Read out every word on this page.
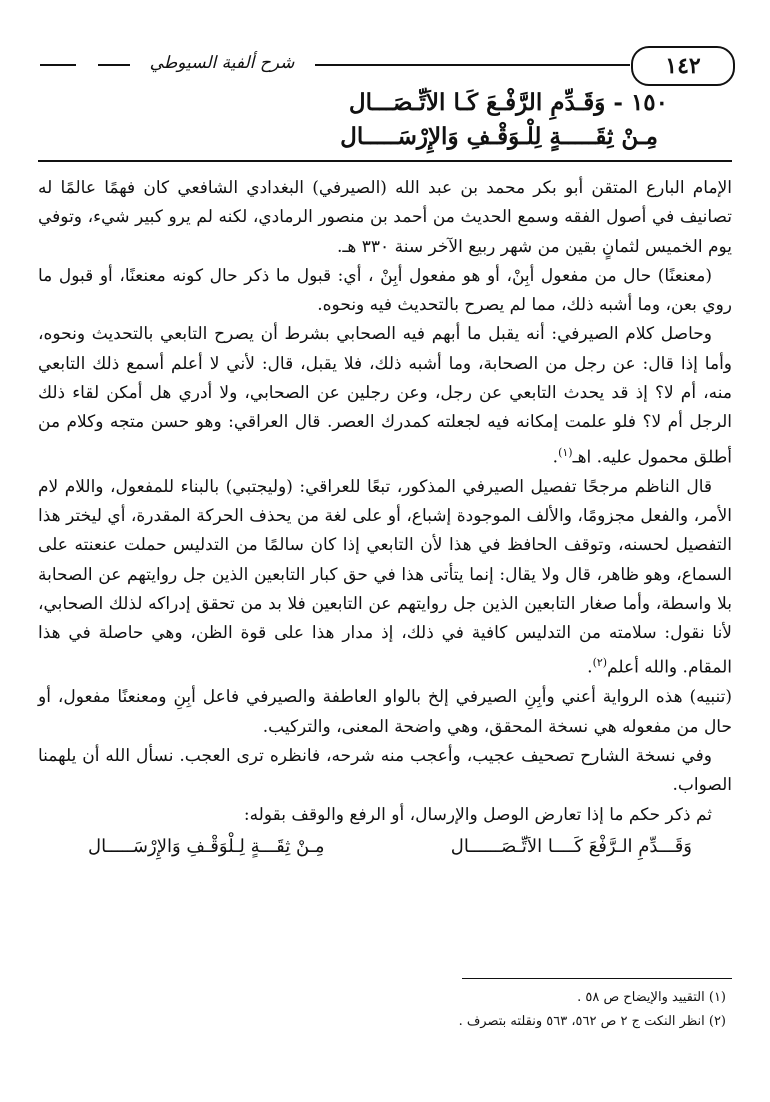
١٤٢
شرح ألفية السيوطي
١٥٠ - وَقَـدِّمِ الرَّفْـعَ كَـا الاَتِّـصَـــال
مِـنْ ثِقَـــــةٍ لِلْـوَقْـفِ وَالإِرْسَـــــال

الإمام البارع المتقن أبو بكر محمد بن عبد الله (الصيرفي) البغدادي الشافعي كان فهمًا عالمًا له تصانيف في أصول الفقه وسمع الحديث من أحمد بن منصور الرمادي، لكنه لم يرو كبير شيء، وتوفي يوم الخميس لثمانٍ بقين من شهر ربيع الآخر سنة ٣٣٠ هـ.

(معنعنًا) حال من مفعول أبِنْ، أو هو مفعول أبِنْ ، أي: قبول ما ذكر حال كونه معنعنًا، أو قبول ما روي بعن، وما أشبه ذلك، مما لم يصرح بالتحديث فيه ونحوه.

وحاصل كلام الصيرفي: أنه يقبل ما أبهم فيه الصحابي بشرط أن يصرح التابعي بالتحديث ونحوه، وأما إذا قال: عن رجل من الصحابة، وما أشبه ذلك، فلا يقبل، قال: لأني لا أعلم أسمع ذلك التابعي منه، أم لا؟ إذ قد يحدث التابعي عن رجل، وعن رجلين عن الصحابي، ولا أدري هل أمكن لقاء ذلك الرجل أم لا؟ فلو علمت إمكانه فيه لجعلته كمدرك العصر. قال العراقي: وهو حسن متجه وكلام من أطلق محمول عليه. اهـ$^{(١)}$.

قال الناظم مرجحًا تفصيل الصيرفي المذكور، تبعًا للعراقي: (وليجتبي) بالبناء للمفعول، واللام لام الأمر، والفعل مجزومًا، والألف الموجودة إشباع، أو على لغة من يحذف الحركة المقدرة، أي ليختر هذا التفصيل لحسنه، وتوقف الحافظ في هذا لأن التابعي إذا كان سالمًا من التدليس حملت عنعنته على السماع، وهو ظاهر، قال ولا يقال: إنما يتأتى هذا في حق كبار التابعين الذين جل روايتهم عن الصحابة بلا واسطة، وأما صغار التابعين الذين جل روايتهم عن التابعين فلا بد من تحقق إدراكه لذلك الصحابي، لأنا نقول: سلامته من التدليس كافية في ذلك، إذ مدار هذا على قوة الظن، وهي حاصلة في هذا المقام. والله أعلم$^{(٢)}$.

(تنبيه) هذه الرواية أعني وأبِنِ الصيرفي إلخ بالواو العاطفة والصيرفي فاعل أبِنِ ومعنعنًا مفعول، أو حال من مفعوله هي نسخة المحقق، وهي واضحة المعنى، والتركيب.

وفي نسخة الشارح تصحيف عجيب، وأعجب منه شرحه، فانظره ترى العجب. نسأل الله أن يلهمنا الصواب.

ثم ذكر حكم ما إذا تعارض الوصل والإرسال، أو الرفع والوقف بقوله:

وَقَـــدِّمِ الـرَّفْعَ كَــــا الاَتِّـصَــــــال
مِـنْ ثِقَـــةٍ لِـلْوَقْـفِ وَالإِرْسَـــــال
(١) التقييد والإيضاح ص ٥٨ .
(٢) انظر النكت ج ٢ ص ٥٦٢، ٥٦٣ ونقلته بتصرف .
